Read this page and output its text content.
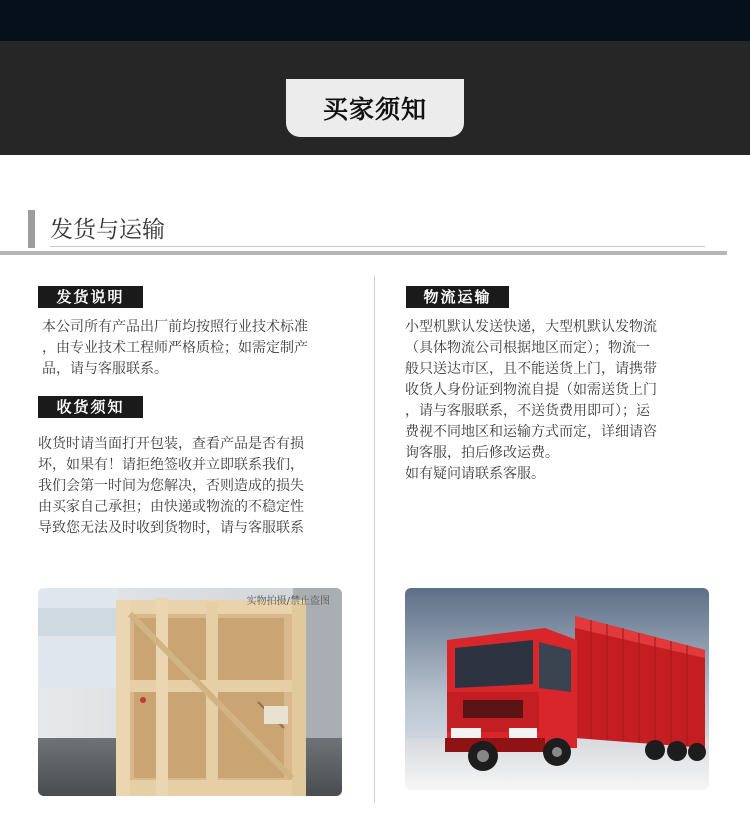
买家须知
为了能有效的进行售后服务，请您详阅以下提示
发货与运输
发货说明
本公司所有产品出厂前均按照行业技术标准
，由专业技术工程师严格质检；如需定制产
品，请与客服联系。
收货须知
收货时请当面打开包装，查看产品是否有损
坏，如果有！请拒绝签收并立即联系我们，
我们会第一时间为您解决，否则造成的损失
由买家自己承担；由快递或物流的不稳定性
导致您无法及时收到货物时，请与客服联系
实物拍摄/禁止盗图
物流运输
小型机默认发送快递，大型机默认发物流
（具体物流公司根据地区而定）；物流一
般只送达市区，且不能送货上门，请携带
收货人身份证到物流自提（如需送货上门
，请与客服联系，不送货费用即可）；运
费视不同地区和运输方式而定，详细请咨
询客服，拍后修改运费。
如有疑问请联系客服。
